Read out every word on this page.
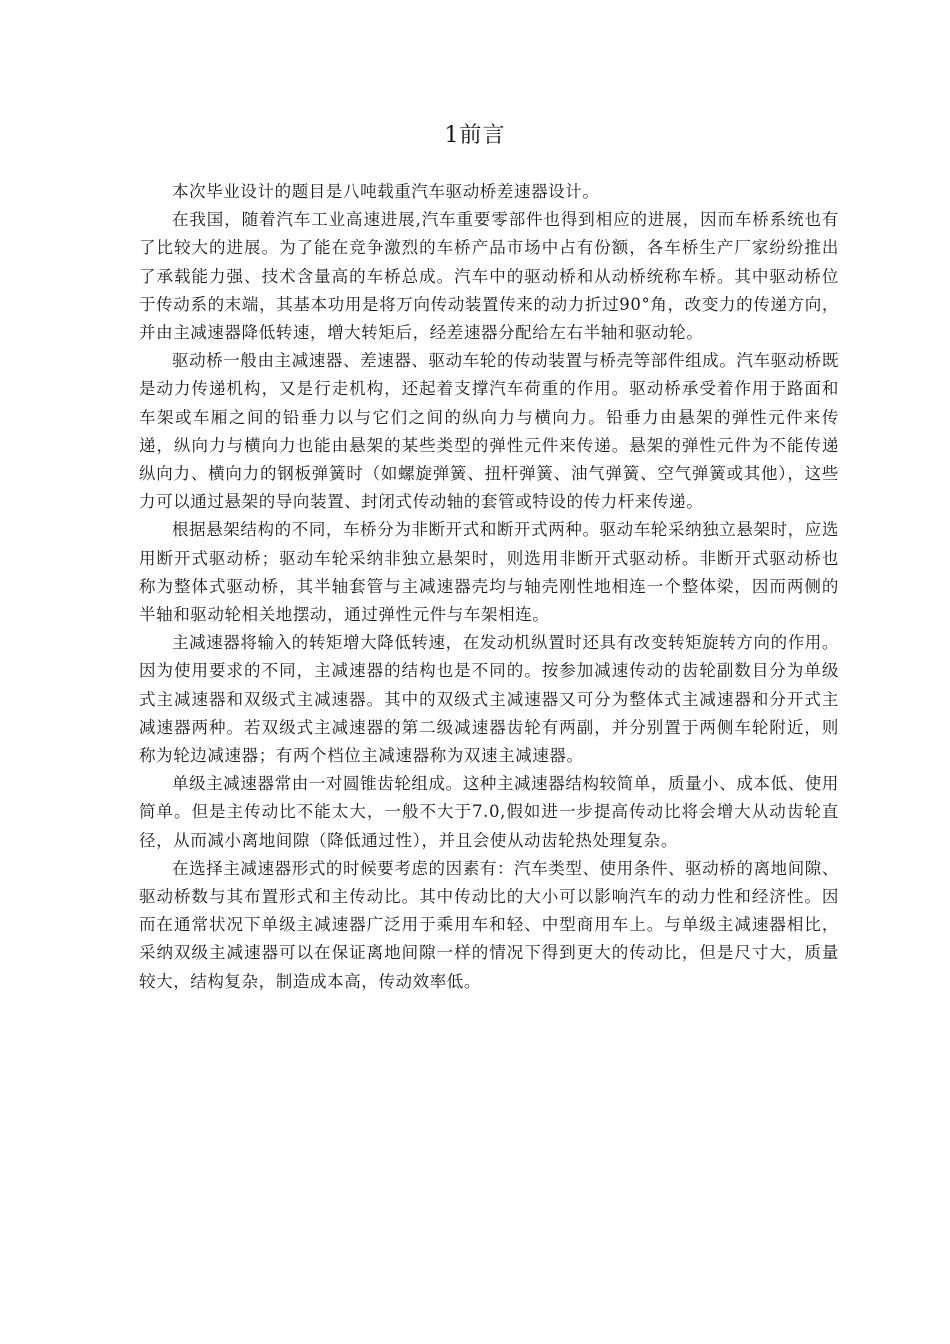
1前言

本次毕业设计的题目是八吨载重汽车驱动桥差速器设计。

在我国，随着汽车工业高速进展,汽车重要零部件也得到相应的进展，因而车桥系统也有了比较大的进展。为了能在竞争激烈的车桥产品市场中占有份额，各车桥生产厂家纷纷推出了承载能力强、技术含量高的车桥总成。汽车中的驱动桥和从动桥统称车桥。其中驱动桥位于传动系的末端，其基本功用是将万向传动装置传来的动力折过90°角，改变力的传递方向，并由主减速器降低转速，增大转矩后，经差速器分配给左右半轴和驱动轮。

驱动桥一般由主减速器、差速器、驱动车轮的传动装置与桥壳等部件组成。汽车驱动桥既是动力传递机构，又是行走机构，还起着支撑汽车荷重的作用。驱动桥承受着作用于路面和车架或车厢之间的铅垂力以与它们之间的纵向力与横向力。铅垂力由悬架的弹性元件来传递，纵向力与横向力也能由悬架的某些类型的弹性元件来传递。悬架的弹性元件为不能传递纵向力、横向力的钢板弹簧时（如螺旋弹簧、扭杆弹簧、油气弹簧、空气弹簧或其他），这些力可以通过悬架的导向装置、封闭式传动轴的套管或特设的传力杆来传递。

根据悬架结构的不同，车桥分为非断开式和断开式两种。驱动车轮采纳独立悬架时，应选用断开式驱动桥；驱动车轮采纳非独立悬架时，则选用非断开式驱动桥。非断开式驱动桥也称为整体式驱动桥，其半轴套管与主减速器壳均与轴壳刚性地相连一个整体梁，因而两侧的半轴和驱动轮相关地摆动，通过弹性元件与车架相连。

主减速器将输入的转矩增大降低转速，在发动机纵置时还具有改变转矩旋转方向的作用。因为使用要求的不同，主减速器的结构也是不同的。按参加减速传动的齿轮副数目分为单级式主减速器和双级式主减速器。其中的双级式主减速器又可分为整体式主减速器和分开式主减速器两种。若双级式主减速器的第二级减速器齿轮有两副，并分别置于两侧车轮附近，则称为轮边减速器；有两个档位主减速器称为双速主减速器。

单级主减速器常由一对圆锥齿轮组成。这种主减速器结构较简单，质量小、成本低、使用简单。但是主传动比不能太大，一般不大于7.0,假如进一步提高传动比将会增大从动齿轮直径，从而减小离地间隙（降低通过性），并且会使从动齿轮热处理复杂。

在选择主减速器形式的时候要考虑的因素有：汽车类型、使用条件、驱动桥的离地间隙、驱动桥数与其布置形式和主传动比。其中传动比的大小可以影响汽车的动力性和经济性。因而在通常状况下单级主减速器广泛用于乘用车和轻、中型商用车上。与单级主减速器相比，采纳双级主减速器可以在保证离地间隙一样的情况下得到更大的传动比，但是尺寸大，质量较大，结构复杂，制造成本高，传动效率低。
